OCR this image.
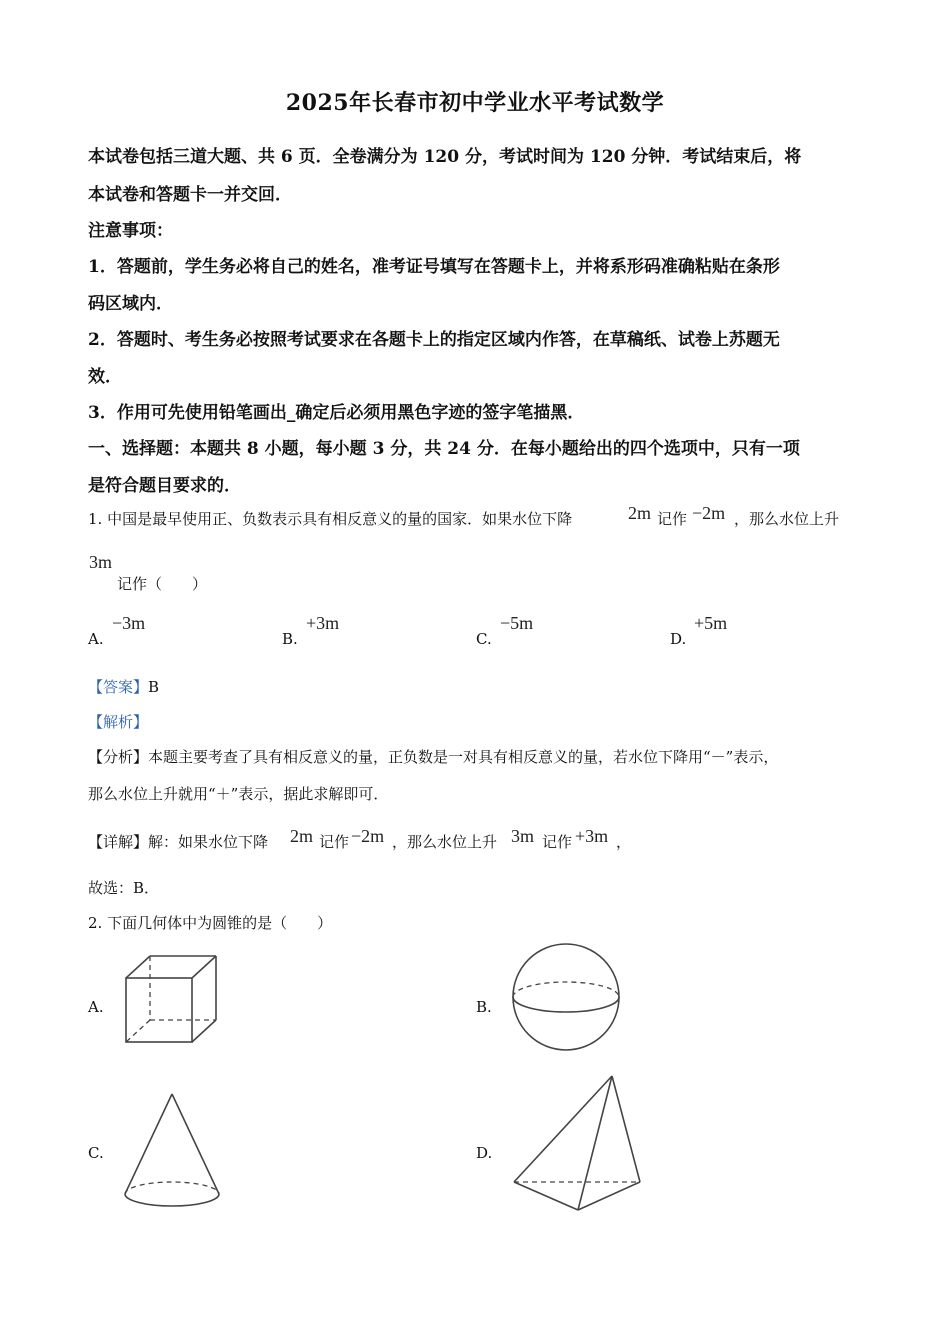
2025年长春市初中学业水平考试数学
本试卷包括三道大题、共 6 页．全卷满分为 120 分，考试时间为 120 分钟．考试结束后，将
本试卷和答题卡一并交回．
注意事项：
1．答题前，学生务必将自己的姓名，准考证号填写在答题卡上，并将系形码准确粘贴在条形
码区域内．
2．答题时、考生务必按照考试要求在各题卡上的指定区域内作答，在草稿纸、试卷上苏题无
效．
3．作用可先使用铅笔画出_确定后必须用黑色字迹的签字笔描黑．
一、选择题：本题共 8 小题，每小题 3 分，共 24 分．在每小题给出的四个选项中，只有一项
是符合题目要求的．
1. 中国是最早使用正、负数表示具有相反意义的量的国家．如果水位下降	2m 记作 −2m ，那么水位上升
3m
记作（　　）
A.
−3m
B.
+3m
C.
−5m
D.
+5m
【答案】B
【解析】
【分析】本题主要考查了具有相反意义的量，正负数是一对具有相反意义的量，若水位下降用“－”表示，
那么水位上升就用“＋”表示，据此求解即可．
【详解】解：如果水位下降 2m 记作 −2m ，那么水位上升 3m 记作 +3m ，
故选：B．
2. 下面几何体中为圆锥的是（　　）
A.	B.
C.	D.
